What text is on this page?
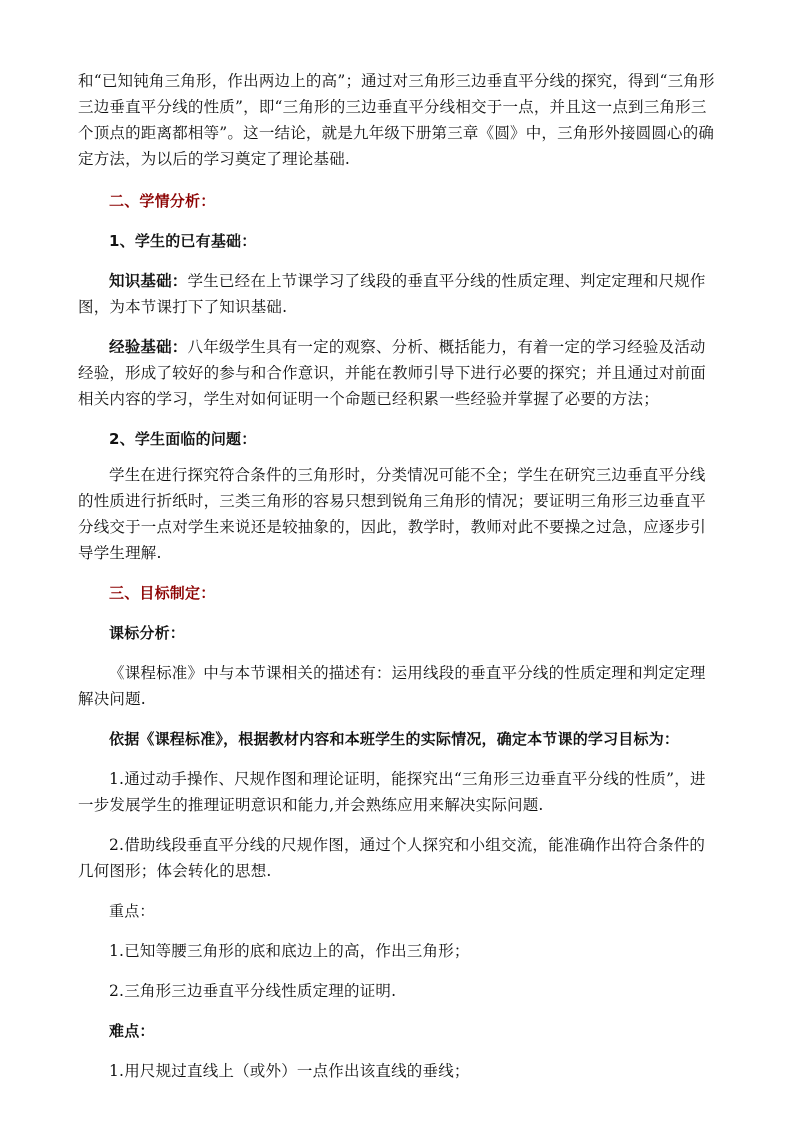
和“已知钝角三角形，作出两边上的高”；通过对三角形三边垂直平分线的探究，得到“三角形三边垂直平分线的性质”，即“三角形的三边垂直平分线相交于一点，并且这一点到三角形三个顶点的距离都相等”。这一结论，就是九年级下册第三章《圆》中，三角形外接圆圆心的确定方法，为以后的学习奠定了理论基础.

二、学情分析：

1、学生的已有基础：

知识基础：学生已经在上节课学习了线段的垂直平分线的性质定理、判定定理和尺规作图，为本节课打下了知识基础.

经验基础：八年级学生具有一定的观察、分析、概括能力，有着一定的学习经验及活动经验，形成了较好的参与和合作意识，并能在教师引导下进行必要的探究；并且通过对前面相关内容的学习，学生对如何证明一个命题已经积累一些经验并掌握了必要的方法；

2、学生面临的问题：

学生在进行探究符合条件的三角形时，分类情况可能不全；学生在研究三边垂直平分线的性质进行折纸时，三类三角形的容易只想到锐角三角形的情况；要证明三角形三边垂直平分线交于一点对学生来说还是较抽象的，因此，教学时，教师对此不要操之过急，应逐步引导学生理解.

三、目标制定：

课标分析：

《课程标准》中与本节课相关的描述有：运用线段的垂直平分线的性质定理和判定定理解决问题.

依据《课程标准》，根据教材内容和本班学生的实际情况，确定本节课的学习目标为：

1.通过动手操作、尺规作图和理论证明，能探究出“三角形三边垂直平分线的性质”，进一步发展学生的推理证明意识和能力,并会熟练应用来解决实际问题.

2.借助线段垂直平分线的尺规作图，通过个人探究和小组交流，能准确作出符合条件的几何图形；体会转化的思想.

重点：

1.已知等腰三角形的底和底边上的高，作出三角形；

2.三角形三边垂直平分线性质定理的证明.

难点：

1.用尺规过直线上（或外）一点作出该直线的垂线；
